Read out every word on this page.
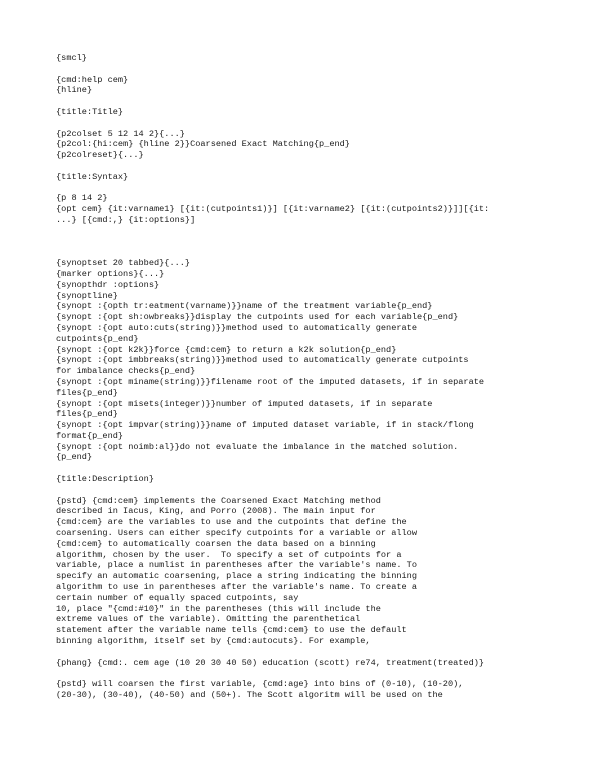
{smcl}
{cmd:help cem}
{hline}
{title:Title}
{p2colset 5 12 14 2}{...}
{p2col:{hi:cem} {hline 2}}Coarsened Exact Matching{p_end}
{p2colreset}{...}
{title:Syntax}
{p 8 14 2}
{opt cem} {it:varname1} [{it:(cutpoints1)}] [{it:varname2} [{it:(cutpoints2)}]][{it:
...} [{cmd:,} {it:options}]
{synoptset 20 tabbed}{...}
{marker options}{...}
{synopthdr :options}
{synoptline}
{synopt :{opth tr:eatment(varname)}}name of the treatment variable{p_end}
{synopt :{opt sh:owbreaks}}display the cutpoints used for each variable{p_end}
{synopt :{opt auto:cuts(string)}}method used to automatically generate
cutpoints{p_end}
{synopt :{opt k2k}}force {cmd:cem} to return a k2k solution{p_end}
{synopt :{opt imbbreaks(string)}}method used to automatically generate cutpoints
for imbalance checks{p_end}
{synopt :{opt miname(string)}}filename root of the imputed datasets, if in separate
files{p_end}
{synopt :{opt misets(integer)}}number of imputed datasets, if in separate
files{p_end}
{synopt :{opt impvar(string)}}name of imputed dataset variable, if in stack/flong
format{p_end}
{synopt :{opt noimb:al}}do not evaluate the imbalance in the matched solution.
{p_end}
{title:Description}
{pstd} {cmd:cem} implements the Coarsened Exact Matching method
described in Iacus, King, and Porro (2008). The main input for
{cmd:cem} are the variables to use and the cutpoints that define the
coarsening. Users can either specify cutpoints for a variable or allow
{cmd:cem} to automatically coarsen the data based on a binning
algorithm, chosen by the user.  To specify a set of cutpoints for a
variable, place a numlist in parentheses after the variable's name. To
specify an automatic coarsening, place a string indicating the binning
algorithm to use in parentheses after the variable's name. To create a
certain number of equally spaced cutpoints, say
10, place "{cmd:#10}" in the parentheses (this will include the
extreme values of the variable). Omitting the parenthetical
statement after the variable name tells {cmd:cem} to use the default
binning algorithm, itself set by {cmd:autocuts}. For example,
{phang} {cmd:. cem age (10 20 30 40 50) education (scott) re74, treatment(treated)}
{pstd} will coarsen the first variable, {cmd:age} into bins of (0-10), (10-20),
(20-30), (30-40), (40-50) and (50+). The Scott algoritm will be used on the
